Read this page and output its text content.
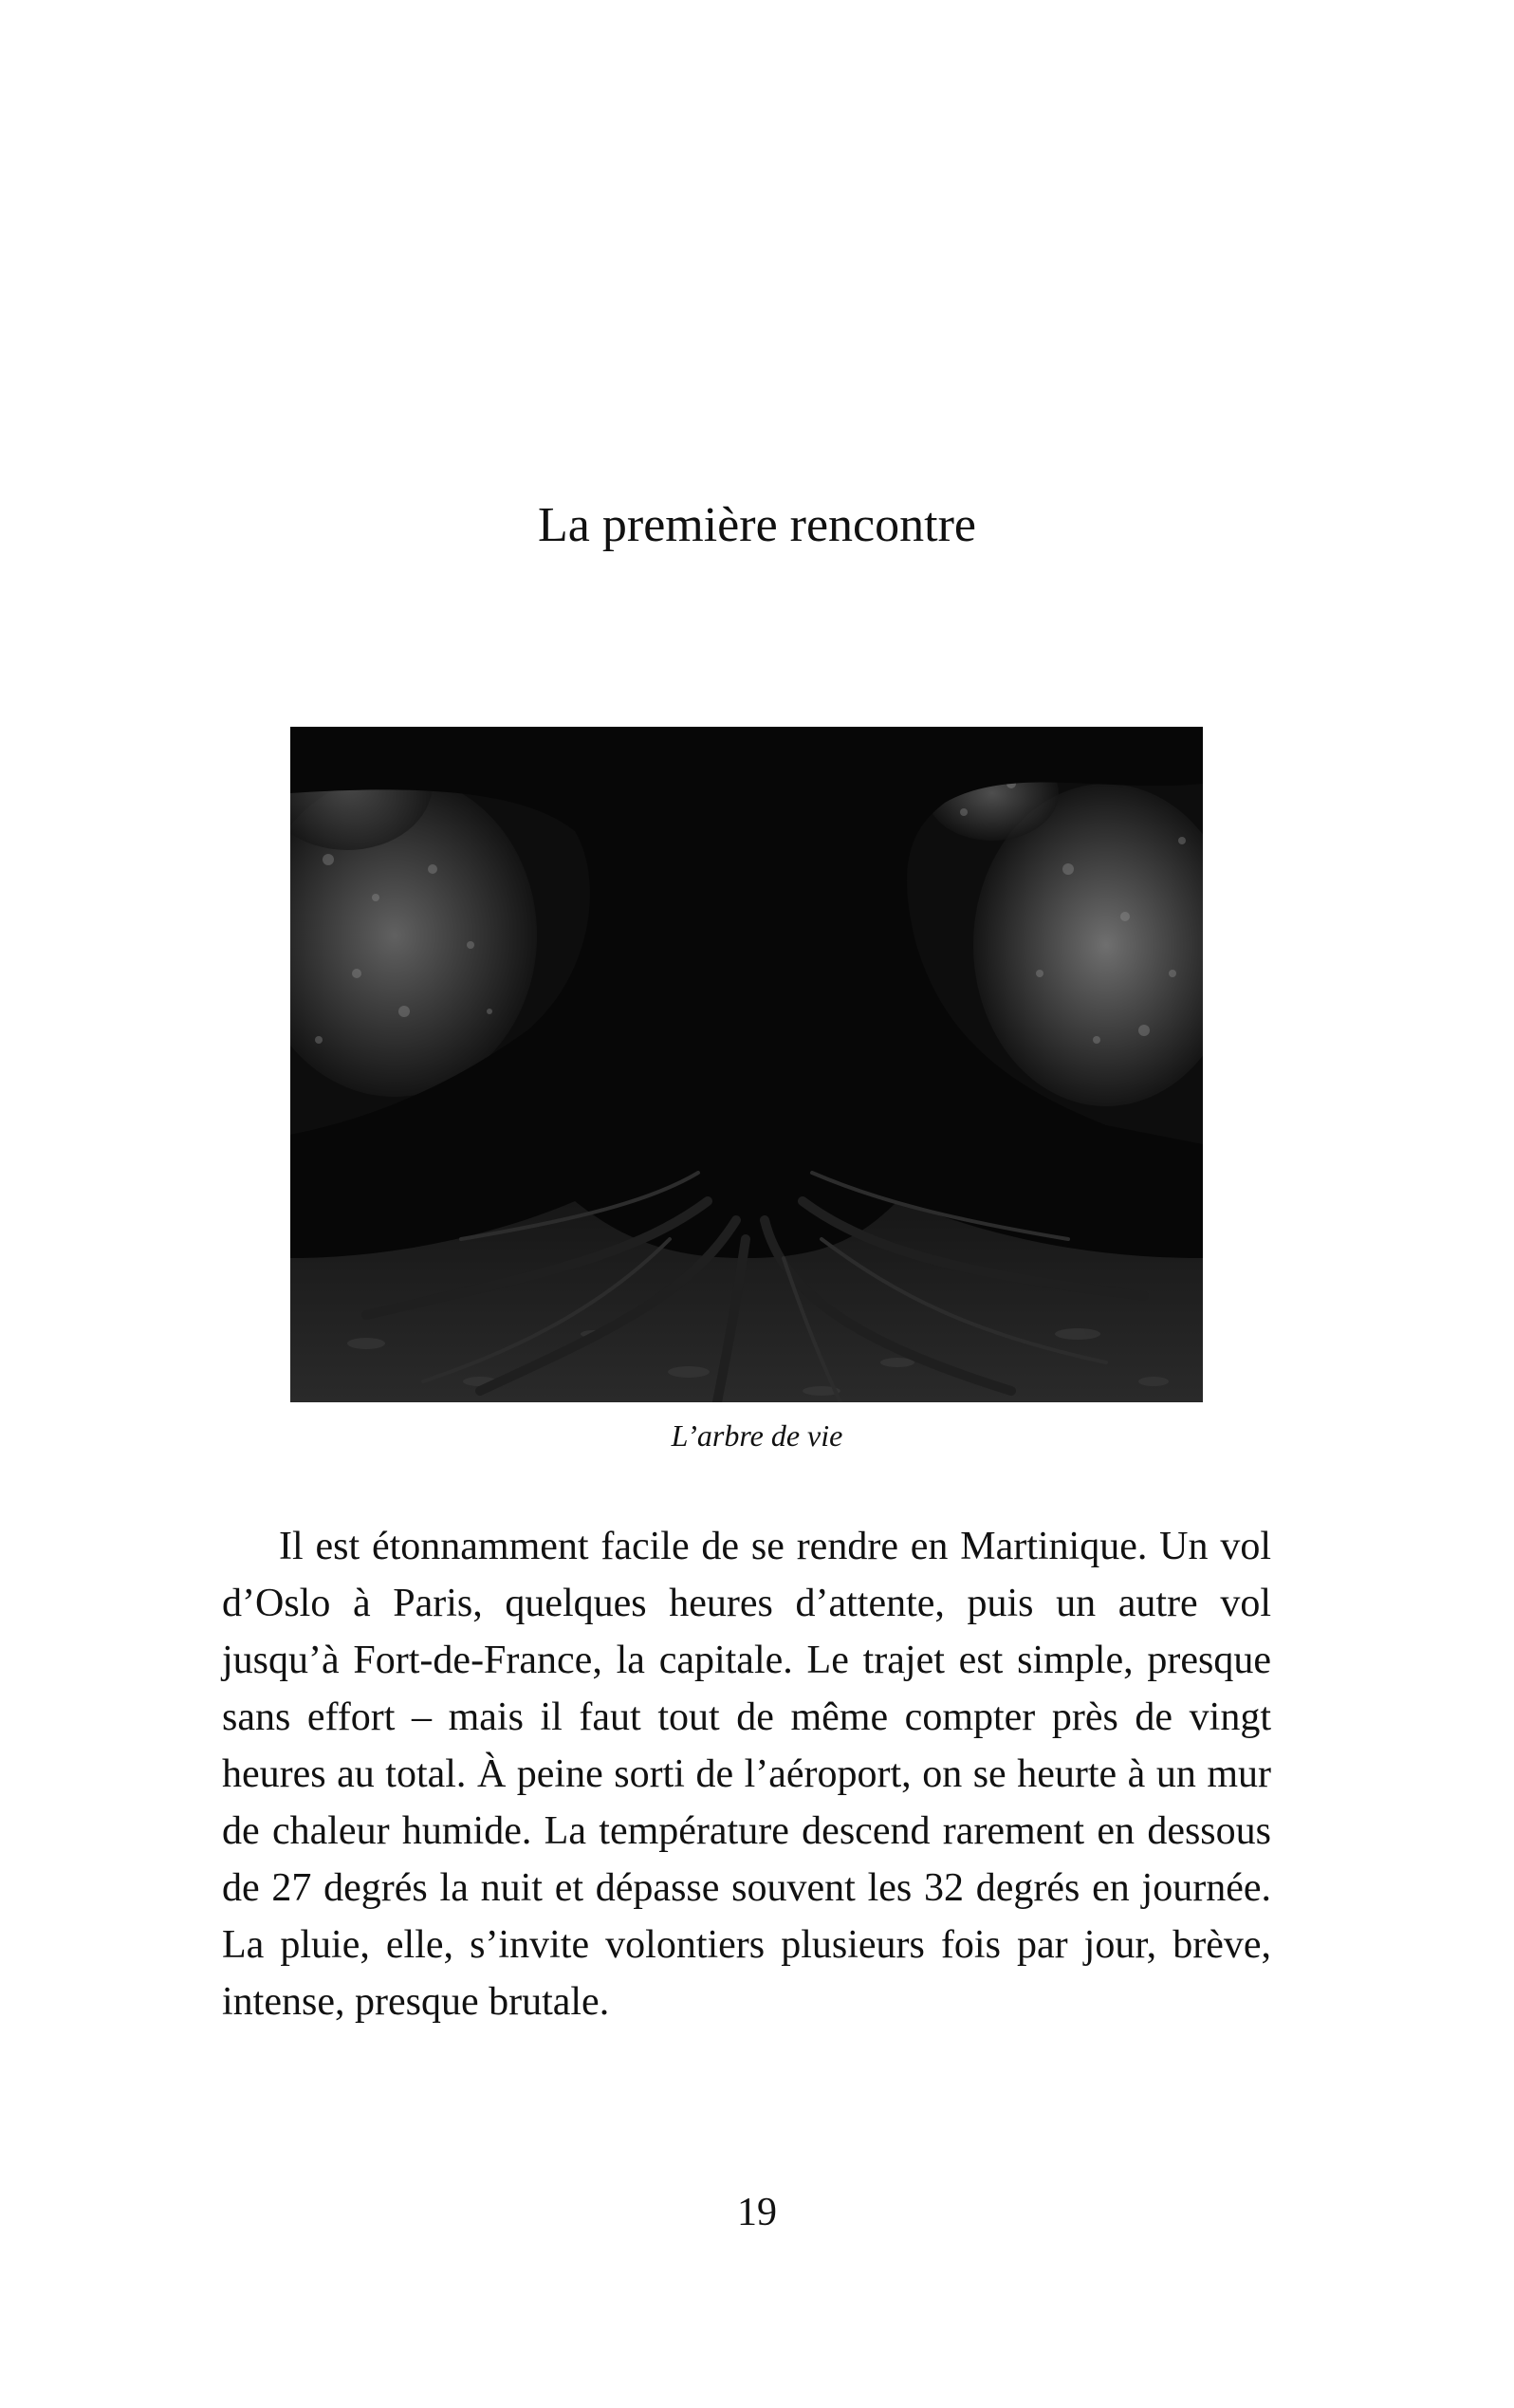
La première rencontre

L’arbre de vie

Il est étonnamment facile de se rendre en Martinique. Un vol d’Oslo à Paris, quelques heures d’attente, puis un autre vol jusqu’à Fort-de-France, la capitale. Le trajet est simple, presque sans effort – mais il faut tout de même compter près de vingt heures au total. À peine sorti de l’aéroport, on se heurte à un mur de chaleur humide. La température descend rarement en dessous de 27 degrés la nuit et dépasse souvent les 32 degrés en journée. La pluie, elle, s’invite volontiers plusieurs fois par jour, brève, intense, presque brutale.

19
